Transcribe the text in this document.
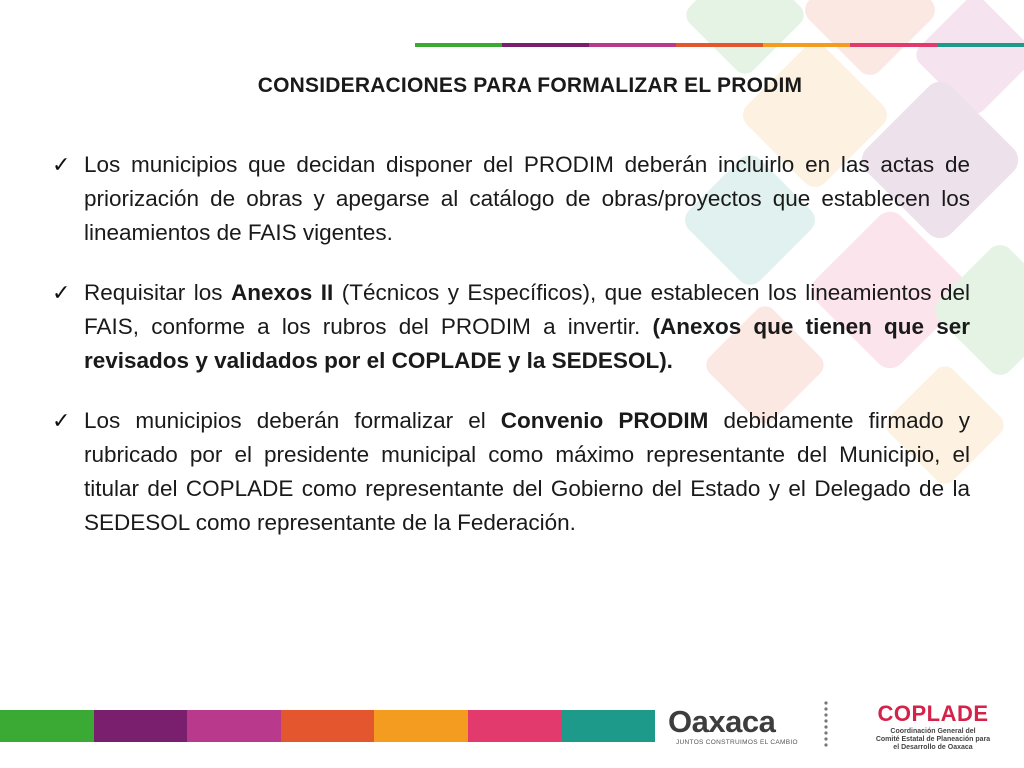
CONSIDERACIONES PARA FORMALIZAR EL PRODIM
✓ Los municipios que decidan disponer del PRODIM deberán incluirlo en las actas de priorización de obras y apegarse al catálogo de obras/proyectos que establecen los lineamientos de FAIS vigentes.
✓ Requisitar los Anexos II (Técnicos y Específicos), que establecen los lineamientos del FAIS, conforme a los rubros del PRODIM a invertir. (Anexos que tienen que ser revisados y validados por el COPLADE y la SEDESOL).
✓ Los municipios deberán formalizar el Convenio PRODIM debidamente firmado y rubricado por el presidente municipal como máximo representante del Municipio, el titular del COPLADE como representante del Gobierno del Estado y el Delegado de la SEDESOL como representante de la Federación.
Oaxaca
JUNTOS CONSTRUIMOS EL CAMBIO
COPLADE
Coordinación General del
Comité Estatal de Planeación para
el Desarrollo de Oaxaca
